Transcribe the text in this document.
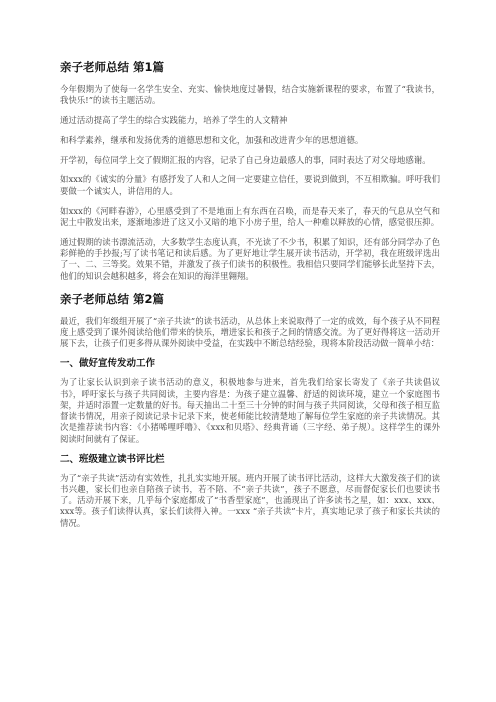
亲子老师总结 第1篇

今年假期为了使每一名学生安全、充实、愉快地度过暑假，结合实施新课程的要求，布置了“我读书，我快乐!”的读书主题活动。

通过活动提高了学生的综合实践能力，培养了学生的人文精神

和科学素养，继承和发扬优秀的道德思想和文化，加强和改进青少年的思想道德。

开学初，每位同学上交了假期汇报的内容，记录了自己身边最感人的事，同时表达了对父母地感谢。

如xxx的《诚实的分量》有感抒发了人和人之间一定要建立信任，要说到做到，不互相欺骗。呼吁我们要做一个诚实人，讲信用的人。

如xxx的《河畔春游》，心里感受到了不是地面上有东西在召唤，而是春天来了，春天的气息从空气和泥土中散发出来，逐渐地渗进了这又小又暗的地下小房子里，给人一种难以释放的心情，感觉很压抑。

通过假期的读书漂流活动，大多数学生态度认真，不光读了不少书，积累了知识，还有部分同学办了色彩鲜艳的手抄报;写了读书笔记和读后感。为了更好地让学生展开读书活动，开学初，我在班级评选出了一、二、三等奖。效果不错，并激发了孩子们读书的积极性。我相信只要同学们能够长此坚持下去，他们的知识会越积越多，将会在知识的海洋里翱翔。

亲子老师总结 第2篇

最近，我们年级组开展了“亲子共读”的读书活动，从总体上来说取得了一定的成效，每个孩子从不同程度上感受到了课外阅读给他们带来的快乐，增进家长和孩子之间的情感交流。为了更好得将这一活动开展下去，让孩子们更多得从课外阅读中受益，在实践中不断总结经验，现将本阶段活动做一简单小结：

一、做好宣传发动工作

为了让家长认识到亲子读书活动的意义，积极地参与进来，首先我们给家长寄发了《亲子共读倡议书》，呼吁家长与孩子共同阅读，主要内容是：为孩子建立温馨、舒适的阅读环境，建立一个家庭图书架，并适时添置一定数量的好书。每天抽出二十至三十分钟的时间与孩子共同阅读，父母和孩子相互监督读书情况，用亲子阅读记录卡记录下来，使老师能比较清楚地了解每位学生家庭的亲子共读情况。其次是推荐读书内容：《小猪唏哩呼噜》、《xxx和贝塔》、经典背诵（三字经、弟子规）。这样学生的课外阅读时间就有了保证。

二、班级建立读书评比栏

为了“亲子共读”活动有实效性，扎扎实实地开展。班内开展了读书评比活动，这样大大激发孩子们的读书兴趣，家长们也亲自陪孩子读书，若不陪、不“亲子共读”，孩子不愿意，尽而督促家长们也要读书了。活动开展下来，几乎每个家庭都成了“书香型家庭”，也涌现出了许多读书之星，如：xxx、xxx、xxx等。孩子们读得认真，家长们读得入神。一xxx “亲子共读”卡片，真实地记录了孩子和家长共读的情况。
